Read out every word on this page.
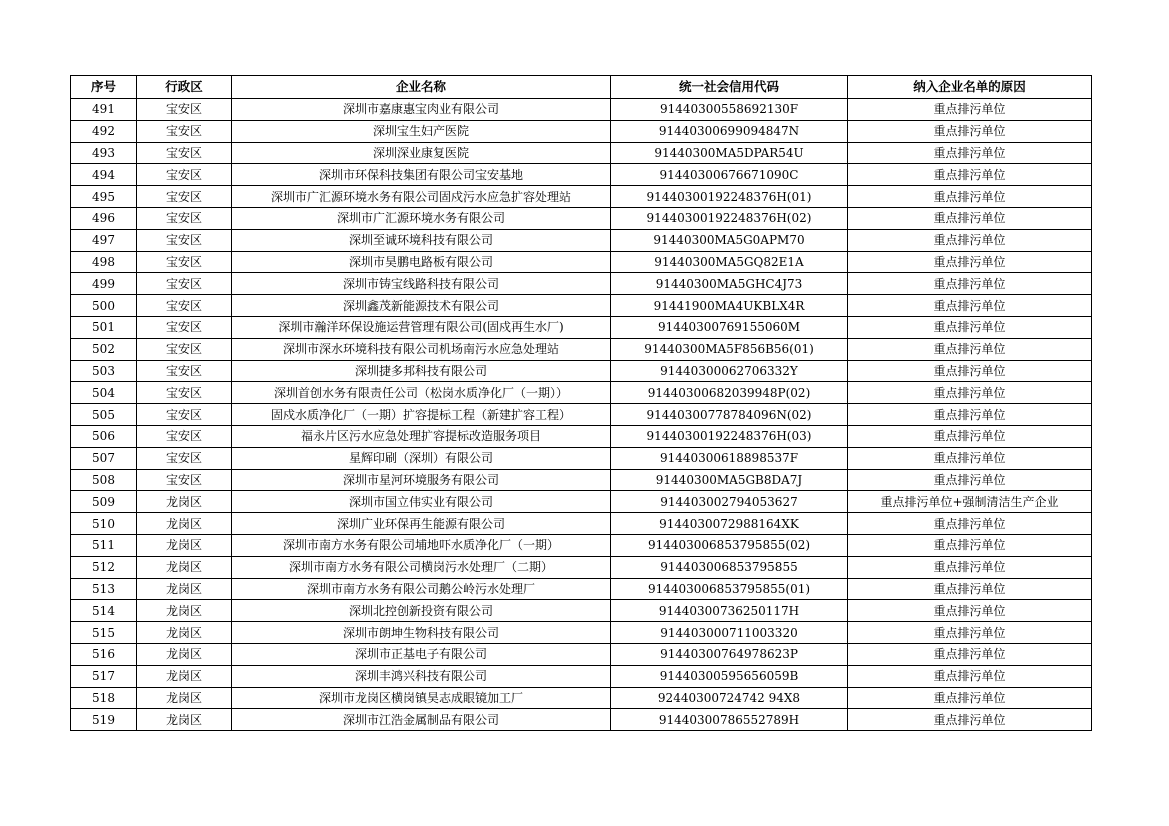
序号	行政区	企业名称	统一社会信用代码	纳入企业名单的原因
491	宝安区	深圳市嘉康惠宝肉业有限公司	91440300558692130F	重点排污单位
492	宝安区	深圳宝生妇产医院	91440300699094847N	重点排污单位
493	宝安区	深圳深业康复医院	91440300MA5DPAR54U	重点排污单位
494	宝安区	深圳市环保科技集团有限公司宝安基地	91440300676671090C	重点排污单位
495	宝安区	深圳市广汇源环境水务有限公司固戍污水应急扩容处理站	91440300192248376H(01)	重点排污单位
496	宝安区	深圳市广汇源环境水务有限公司	91440300192248376H(02)	重点排污单位
497	宝安区	深圳至诚环境科技有限公司	91440300MA5G0APM70	重点排污单位
498	宝安区	深圳市昊鹏电路板有限公司	91440300MA5GQ82E1A	重点排污单位
499	宝安区	深圳市铸宝线路科技有限公司	91440300MA5GHC4J73	重点排污单位
500	宝安区	深圳鑫茂新能源技术有限公司	91441900MA4UKBLX4R	重点排污单位
501	宝安区	深圳市瀚洋环保设施运营管理有限公司(固戍再生水厂)	91440300769155060M	重点排污单位
502	宝安区	深圳市深水环境科技有限公司机场南污水应急处理站	91440300MA5F856B56(01)	重点排污单位
503	宝安区	深圳捷多邦科技有限公司	91440300062706332Y	重点排污单位
504	宝安区	深圳首创水务有限责任公司（松岗水质净化厂（一期））	91440300682039948P(02)	重点排污单位
505	宝安区	固戍水质净化厂（一期）扩容提标工程（新建扩容工程）	91440300778784096N(02)	重点排污单位
506	宝安区	福永片区污水应急处理扩容提标改造服务项目	91440300192248376H(03)	重点排污单位
507	宝安区	星辉印刷（深圳）有限公司	91440300618898537F	重点排污单位
508	宝安区	深圳市星河环境服务有限公司	91440300MA5GB8DA7J	重点排污单位
509	龙岗区	深圳市国立伟实业有限公司	914403002794053627	重点排污单位+强制清洁生产企业
510	龙岗区	深圳广业环保再生能源有限公司	9144030072988164XK	重点排污单位
511	龙岗区	深圳市南方水务有限公司埔地吓水质净化厂（一期）	914403006853795855(02)	重点排污单位
512	龙岗区	深圳市南方水务有限公司横岗污水处理厂（二期）	914403006853795855	重点排污单位
513	龙岗区	深圳市南方水务有限公司鹅公岭污水处理厂	914403006853795855(01)	重点排污单位
514	龙岗区	深圳北控创新投资有限公司	91440300736250117H	重点排污单位
515	龙岗区	深圳市朗坤生物科技有限公司	914403000711003320	重点排污单位
516	龙岗区	深圳市正基电子有限公司	91440300764978623P	重点排污单位
517	龙岗区	深圳丰鸿兴科技有限公司	91440300595656059B	重点排污单位
518	龙岗区	深圳市龙岗区横岗镇昊志成眼镜加工厂	92440300724742 94X8	重点排污单位
519	龙岗区	深圳市江浩金属制品有限公司	91440300786552789H	重点排污单位
